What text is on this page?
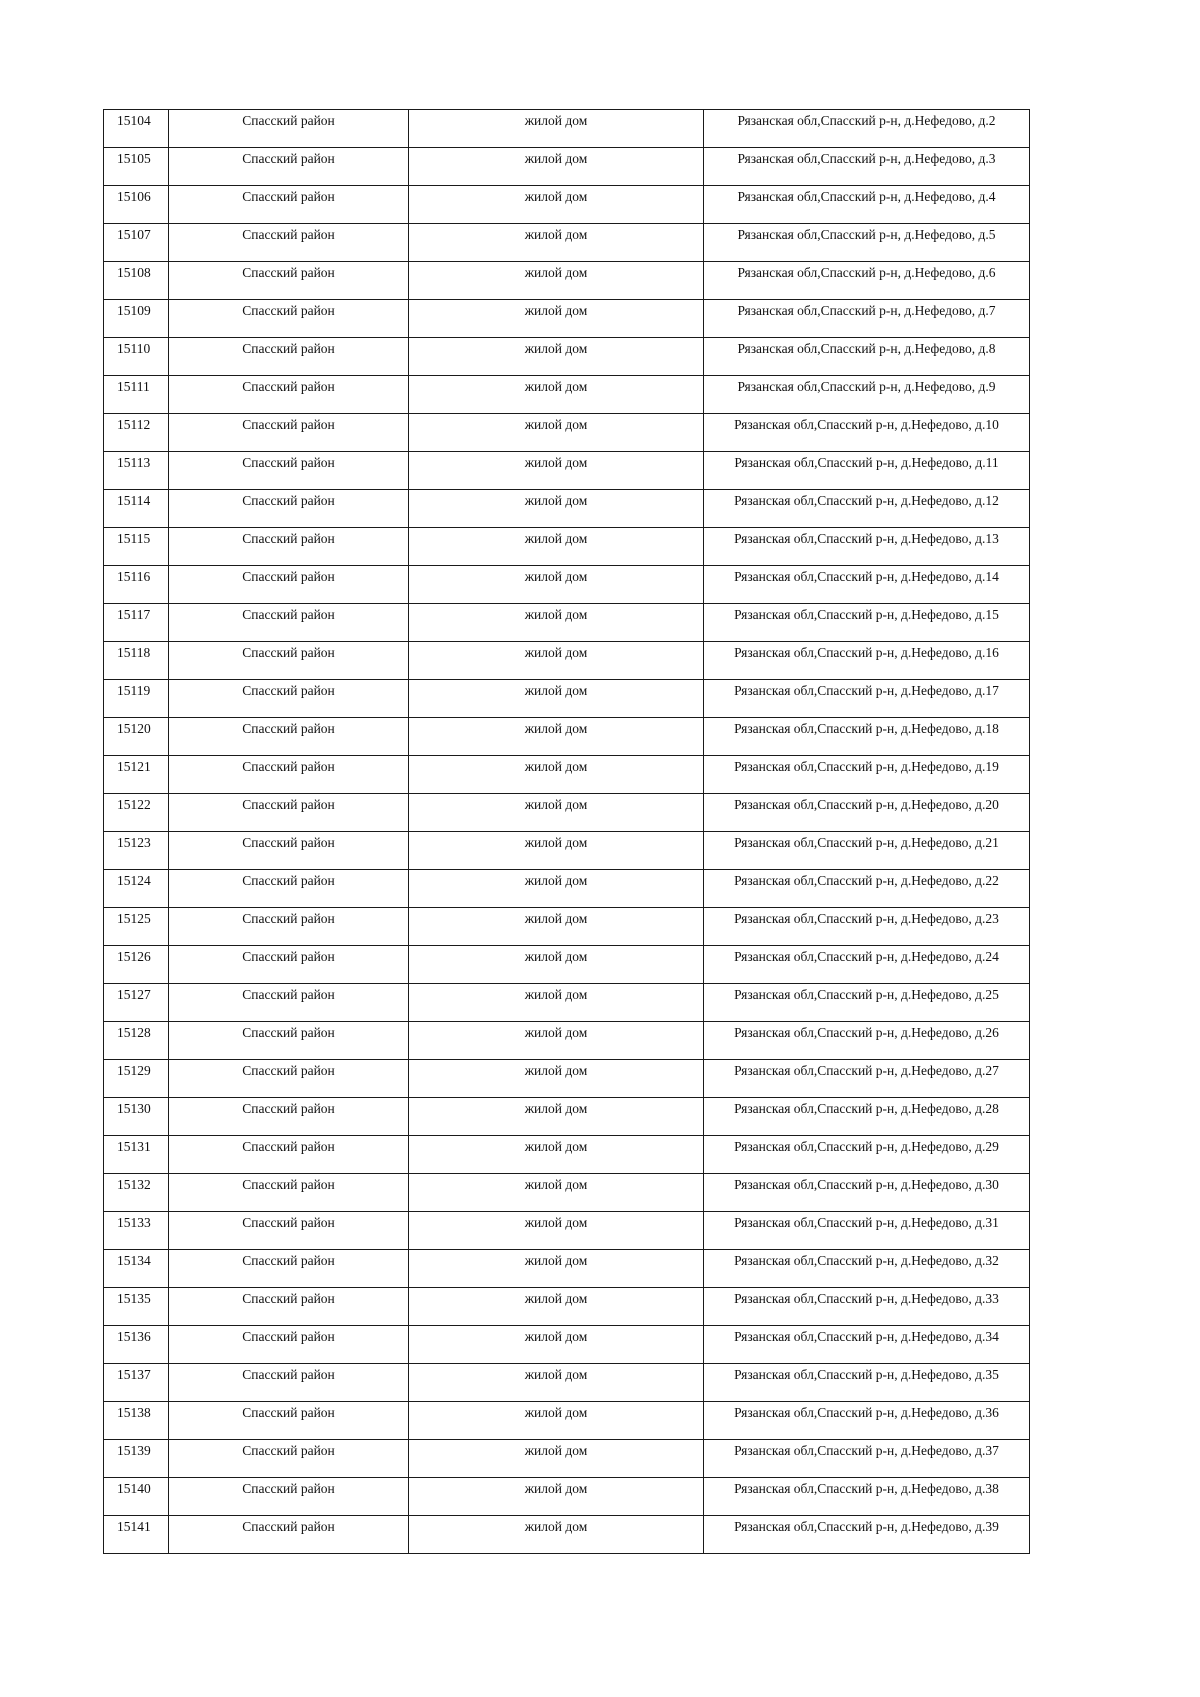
15104	Спасский район	жилой дом	Рязанская обл,Спасский р-н, д.Нефедово, д.2

15105	Спасский район	жилой дом	Рязанская обл,Спасский р-н, д.Нефедово, д.3

15106	Спасский район	жилой дом	Рязанская обл,Спасский р-н, д.Нефедово, д.4

15107	Спасский район	жилой дом	Рязанская обл,Спасский р-н, д.Нефедово, д.5

15108	Спасский район	жилой дом	Рязанская обл,Спасский р-н, д.Нефедово, д.6

15109	Спасский район	жилой дом	Рязанская обл,Спасский р-н, д.Нефедово, д.7

15110	Спасский район	жилой дом	Рязанская обл,Спасский р-н, д.Нефедово, д.8

15111	Спасский район	жилой дом	Рязанская обл,Спасский р-н, д.Нефедово, д.9

15112	Спасский район	жилой дом	Рязанская обл,Спасский р-н, д.Нефедово, д.10

15113	Спасский район	жилой дом	Рязанская обл,Спасский р-н, д.Нефедово, д.11

15114	Спасский район	жилой дом	Рязанская обл,Спасский р-н, д.Нефедово, д.12

15115	Спасский район	жилой дом	Рязанская обл,Спасский р-н, д.Нефедово, д.13

15116	Спасский район	жилой дом	Рязанская обл,Спасский р-н, д.Нефедово, д.14

15117	Спасский район	жилой дом	Рязанская обл,Спасский р-н, д.Нефедово, д.15

15118	Спасский район	жилой дом	Рязанская обл,Спасский р-н, д.Нефедово, д.16

15119	Спасский район	жилой дом	Рязанская обл,Спасский р-н, д.Нефедово, д.17

15120	Спасский район	жилой дом	Рязанская обл,Спасский р-н, д.Нефедово, д.18

15121	Спасский район	жилой дом	Рязанская обл,Спасский р-н, д.Нефедово, д.19

15122	Спасский район	жилой дом	Рязанская обл,Спасский р-н, д.Нефедово, д.20

15123	Спасский район	жилой дом	Рязанская обл,Спасский р-н, д.Нефедово, д.21

15124	Спасский район	жилой дом	Рязанская обл,Спасский р-н, д.Нефедово, д.22

15125	Спасский район	жилой дом	Рязанская обл,Спасский р-н, д.Нефедово, д.23

15126	Спасский район	жилой дом	Рязанская обл,Спасский р-н, д.Нефедово, д.24

15127	Спасский район	жилой дом	Рязанская обл,Спасский р-н, д.Нефедово, д.25

15128	Спасский район	жилой дом	Рязанская обл,Спасский р-н, д.Нефедово, д.26

15129	Спасский район	жилой дом	Рязанская обл,Спасский р-н, д.Нефедово, д.27

15130	Спасский район	жилой дом	Рязанская обл,Спасский р-н, д.Нефедово, д.28

15131	Спасский район	жилой дом	Рязанская обл,Спасский р-н, д.Нефедово, д.29

15132	Спасский район	жилой дом	Рязанская обл,Спасский р-н, д.Нефедово, д.30

15133	Спасский район	жилой дом	Рязанская обл,Спасский р-н, д.Нефедово, д.31

15134	Спасский район	жилой дом	Рязанская обл,Спасский р-н, д.Нефедово, д.32

15135	Спасский район	жилой дом	Рязанская обл,Спасский р-н, д.Нефедово, д.33

15136	Спасский район	жилой дом	Рязанская обл,Спасский р-н, д.Нефедово, д.34

15137	Спасский район	жилой дом	Рязанская обл,Спасский р-н, д.Нефедово, д.35

15138	Спасский район	жилой дом	Рязанская обл,Спасский р-н, д.Нефедово, д.36

15139	Спасский район	жилой дом	Рязанская обл,Спасский р-н, д.Нефедово, д.37

15140	Спасский район	жилой дом	Рязанская обл,Спасский р-н, д.Нефедово, д.38

15141	Спасский район	жилой дом	Рязанская обл,Спасский р-н, д.Нефедово, д.39
